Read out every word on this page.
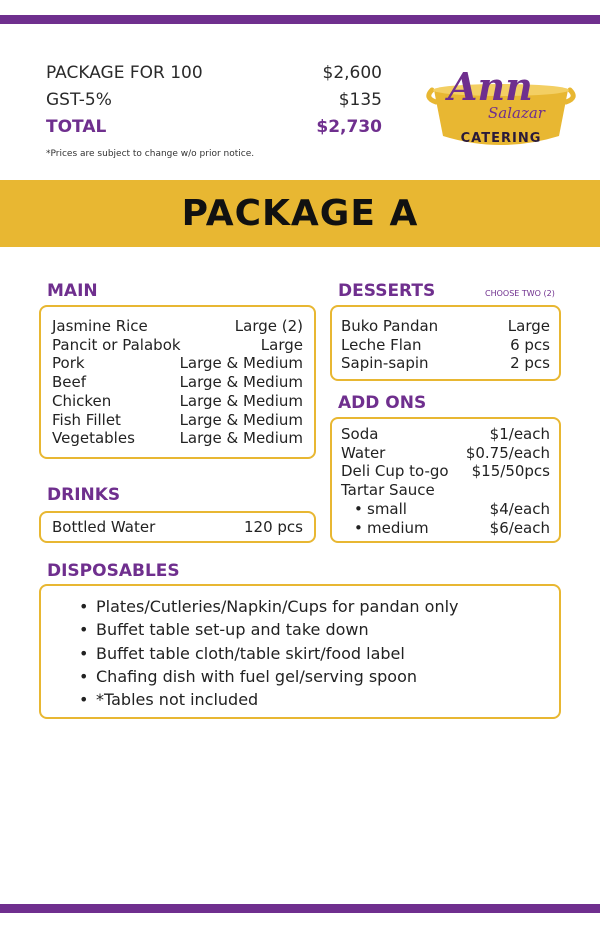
PACKAGE FOR 100	$2,600
GST-5%	$135
TOTAL	$2,730
*Prices are subject to change w/o prior notice.
Ann
Salazar
CATERING
PACKAGE A
MAIN
Jasmine Rice	Large (2)
Pancit or Palabok	Large
Pork	Large & Medium
Beef	Large & Medium
Chicken	Large & Medium
Fish Fillet	Large & Medium
Vegetables	Large & Medium
DESSERTS	CHOOSE TWO (2)
Buko Pandan	Large
Leche Flan	6 pcs
Sapin-sapin	2 pcs
ADD ONS
Soda	$1/each
Water	$0.75/each
Deli Cup to-go $15/50pcs
Tartar Sauce
• small	$4/each
• medium	$6/each
DRINKS
Bottled Water	120 pcs
DISPOSABLES
• Plates/Cutleries/Napkin/Cups for pandan only
• Buffet table set-up and take down
• Buffet table cloth/table skirt/food label
• Chafing dish with fuel gel/serving spoon
• *Tables not included
